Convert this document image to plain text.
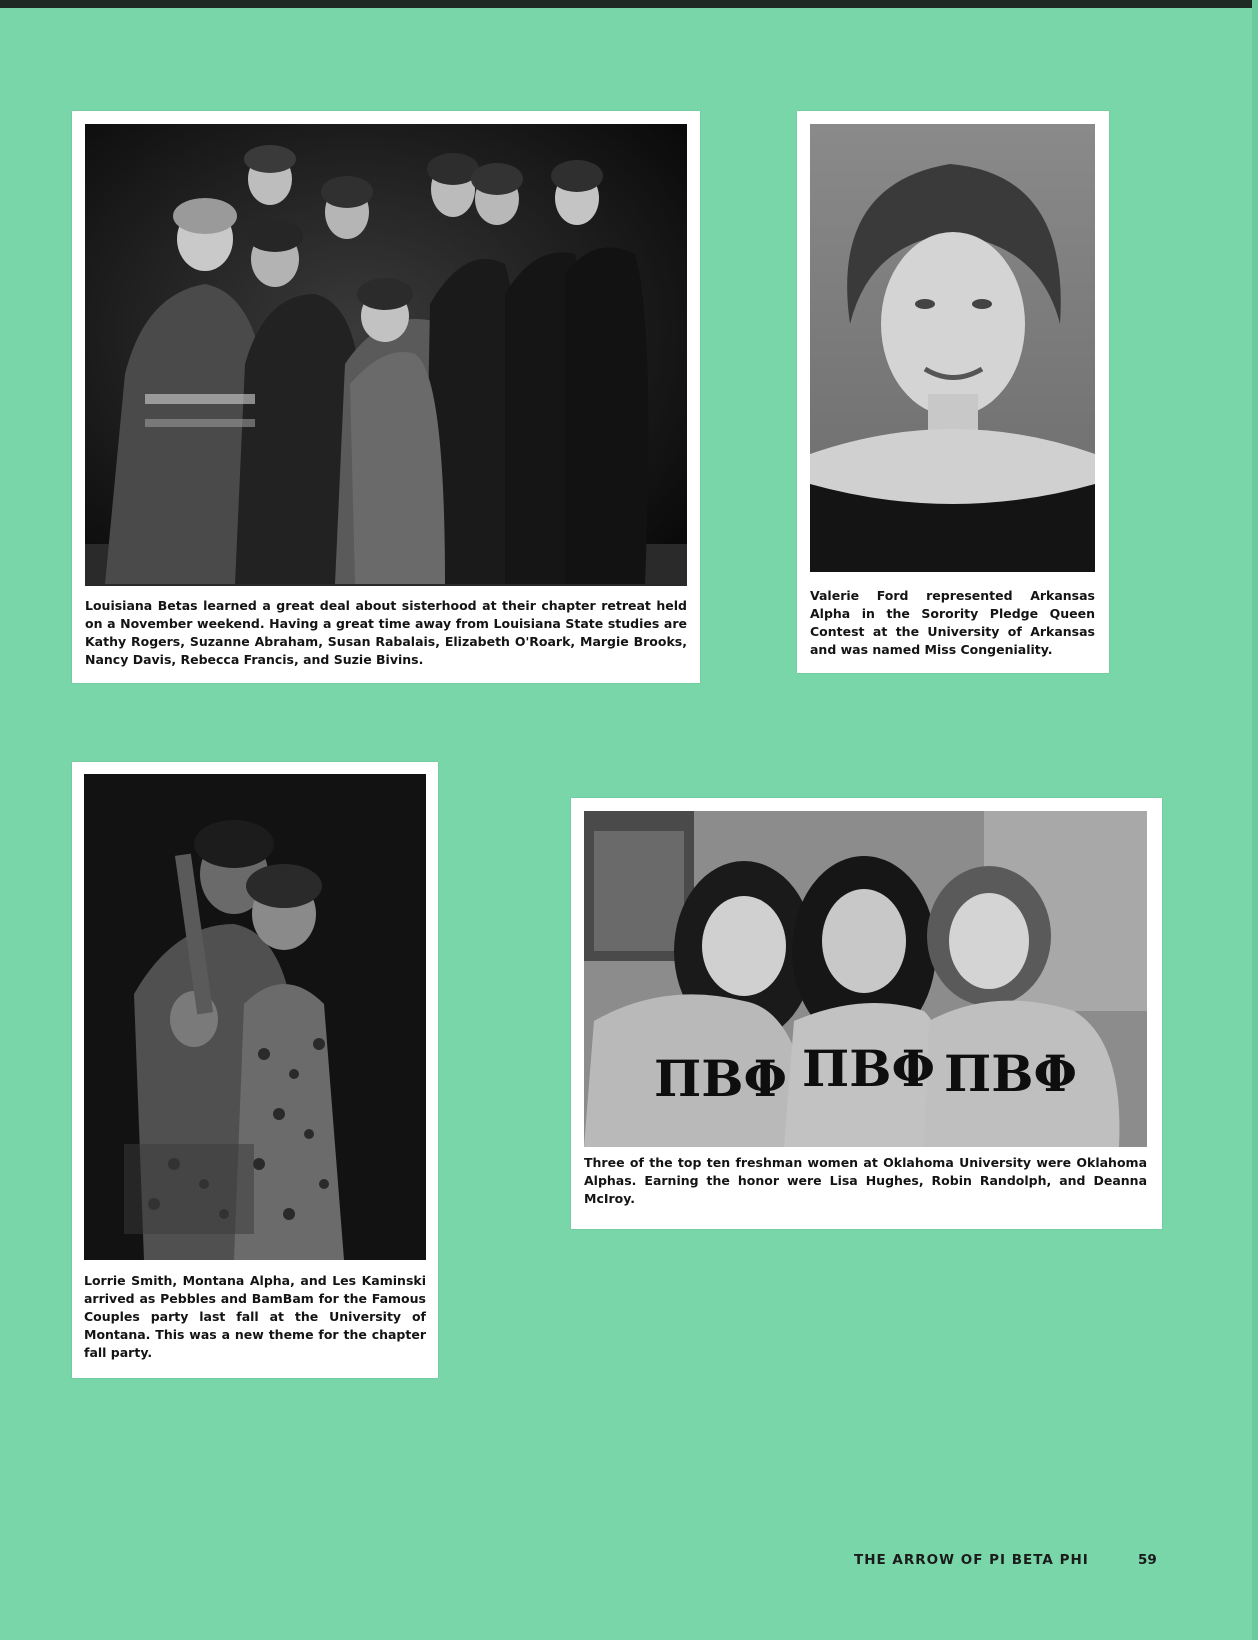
Louisiana Betas learned a great deal about sisterhood at their chapter retreat held on a November weekend. Having a great time away from Louisiana State studies are Kathy Rogers, Suzanne Abraham, Susan Rabalais, Elizabeth O'Roark, Margie Brooks, Nancy Davis, Rebecca Francis, and Suzie Bivins.

Valerie Ford represented Arkansas Alpha in the Sorority Pledge Queen Contest at the University of Arkansas and was named Miss Congeniality.

Lorrie Smith, Montana Alpha, and Les Kaminski arrived as Pebbles and BamBam for the Famous Couples party last fall at the University of Montana. This was a new theme for the chapter fall party.

ΠΒΦ ΠΒΦ ΠΒΦ

Three of the top ten freshman women at Oklahoma University were Oklahoma Alphas. Earning the honor were Lisa Hughes, Robin Randolph, and Deanna McIroy.

THE ARROW OF PI BETA PHI	59
